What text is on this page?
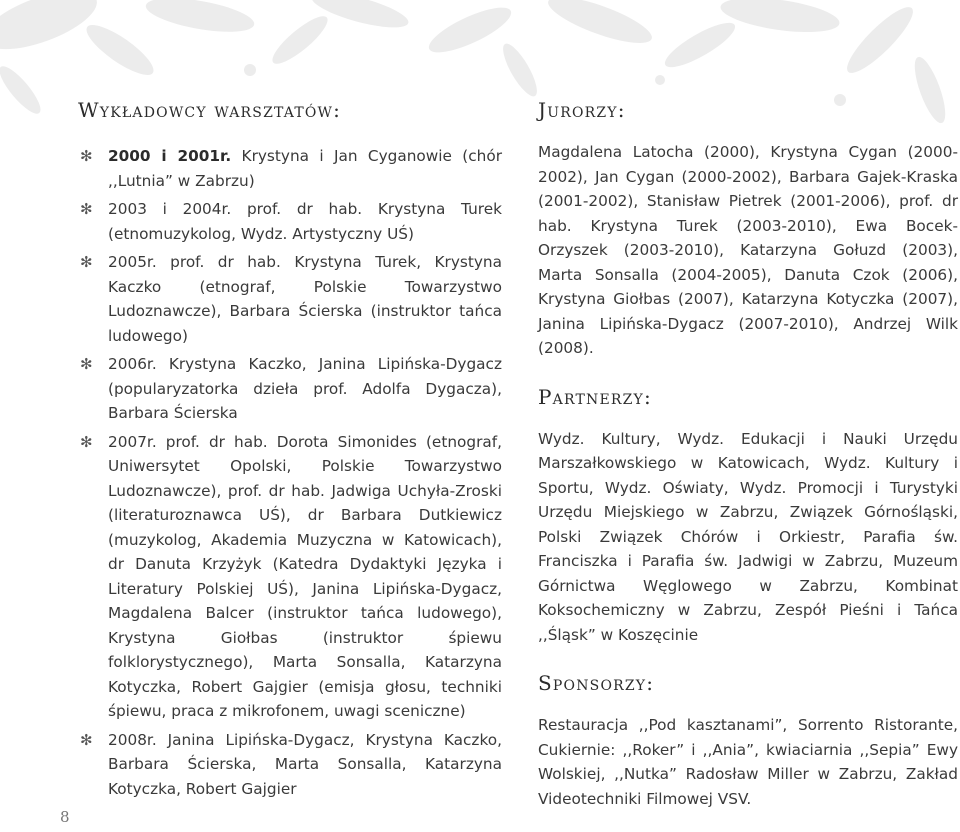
Wykładowcy warsztatów:
✻ 2000 i 2001r. Krystyna i Jan Cyganowie (chór ,,Lutnia” w Zabrzu)
✻ 2003 i 2004r. prof. dr hab. Krystyna Turek (etnomuzykolog, Wydz. Artystyczny UŚ)
✻ 2005r. prof. dr hab. Krystyna Turek, Krystyna Kaczko (etnograf, Polskie Towarzystwo Ludoznawcze), Barbara Ścierska (instruktor tańca ludowego)
✻ 2006r. Krystyna Kaczko, Janina Lipińska-Dygacz (popularyzatorka dzieła prof. Adolfa Dygacza), Barbara Ścierska
✻ 2007r. prof. dr hab. Dorota Simonides (etnograf, Uniwersytet Opolski, Polskie Towarzystwo Ludoznawcze), prof. dr hab. Jadwiga Uchyła-Zroski (literaturoznawca UŚ), dr Barbara Dutkiewicz (muzykolog, Akademia Muzyczna w Katowicach), dr Danuta Krzyżyk (Katedra Dydaktyki Języka i Literatury Polskiej UŚ), Janina Lipińska-Dygacz, Magdalena Balcer (instruktor tańca ludowego), Krystyna Giołbas (instruktor śpiewu folklorystycznego), Marta Sonsalla, Katarzyna Kotyczka, Robert Gajgier (emisja głosu, techniki śpiewu, praca z mikrofonem, uwagi sceniczne)
✻ 2008r. Janina Lipińska-Dygacz, Krystyna Kaczko, Barbara Ścierska, Marta Sonsalla, Katarzyna Kotyczka, Robert Gajgier
Jurorzy:

Magdalena Latocha (2000), Krystyna Cygan (2000-2002), Jan Cygan (2000-2002), Barbara Gajek-Kraska (2001-2002), Stanisław Pietrek (2001-2006), prof. dr hab. Krystyna Turek (2003-2010), Ewa Bocek-Orzyszek (2003-2010), Katarzyna Gołuzd (2003), Marta Sonsalla (2004-2005), Danuta Czok (2006), Krystyna Giołbas (2007), Katarzyna Kotyczka (2007), Janina Lipińska-Dygacz (2007-2010), Andrzej Wilk (2008).

Partnerzy:

Wydz. Kultury, Wydz. Edukacji i Nauki Urzędu Marszałkowskiego w Katowicach, Wydz. Kultury i Sportu, Wydz. Oświaty, Wydz. Promocji i Turystyki Urzędu Miejskiego w Zabrzu, Związek Górnośląski, Polski Związek Chórów i Orkiestr, Parafia św. Franciszka i Parafia św. Jadwigi w Zabrzu, Muzeum Górnictwa Węglowego w Zabrzu, Kombinat Koksochemiczny w Zabrzu, Zespół Pieśni i Tańca ,,Śląsk” w Koszęcinie

Sponsorzy:

Restauracja ,,Pod kasztanami”, Sorrento Ristorante, Cukiernie: ,,Roker” i ,,Ania”, kwiaciarnia ,,Sepia” Ewy Wolskiej, ,,Nutka” Radosław Miller w Zabrzu, Zakład Videotechniki Filmowej VSV.

8
